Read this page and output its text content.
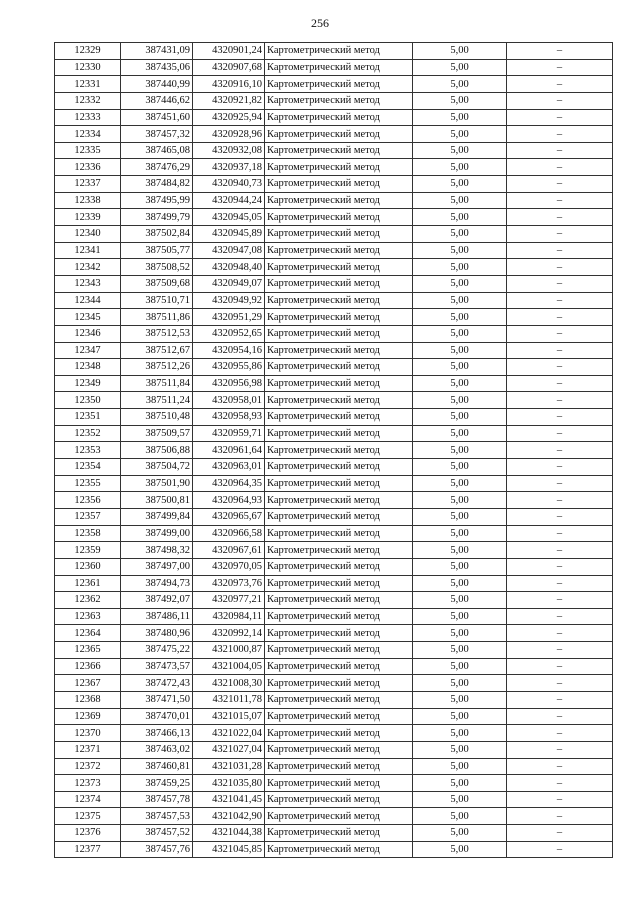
256
12329	387431,09	4320901,24	Картометрический метод	5,00	–
12330	387435,06	4320907,68	Картометрический метод	5,00	–
12331	387440,99	4320916,10	Картометрический метод	5,00	–
12332	387446,62	4320921,82	Картометрический метод	5,00	–
12333	387451,60	4320925,94	Картометрический метод	5,00	–
12334	387457,32	4320928,96	Картометрический метод	5,00	–
12335	387465,08	4320932,08	Картометрический метод	5,00	–
12336	387476,29	4320937,18	Картометрический метод	5,00	–
12337	387484,82	4320940,73	Картометрический метод	5,00	–
12338	387495,99	4320944,24	Картометрический метод	5,00	–
12339	387499,79	4320945,05	Картометрический метод	5,00	–
12340	387502,84	4320945,89	Картометрический метод	5,00	–
12341	387505,77	4320947,08	Картометрический метод	5,00	–
12342	387508,52	4320948,40	Картометрический метод	5,00	–
12343	387509,68	4320949,07	Картометрический метод	5,00	–
12344	387510,71	4320949,92	Картометрический метод	5,00	–
12345	387511,86	4320951,29	Картометрический метод	5,00	–
12346	387512,53	4320952,65	Картометрический метод	5,00	–
12347	387512,67	4320954,16	Картометрический метод	5,00	–
12348	387512,26	4320955,86	Картометрический метод	5,00	–
12349	387511,84	4320956,98	Картометрический метод	5,00	–
12350	387511,24	4320958,01	Картометрический метод	5,00	–
12351	387510,48	4320958,93	Картометрический метод	5,00	–
12352	387509,57	4320959,71	Картометрический метод	5,00	–
12353	387506,88	4320961,64	Картометрический метод	5,00	–
12354	387504,72	4320963,01	Картометрический метод	5,00	–
12355	387501,90	4320964,35	Картометрический метод	5,00	–
12356	387500,81	4320964,93	Картометрический метод	5,00	–
12357	387499,84	4320965,67	Картометрический метод	5,00	–
12358	387499,00	4320966,58	Картометрический метод	5,00	–
12359	387498,32	4320967,61	Картометрический метод	5,00	–
12360	387497,00	4320970,05	Картометрический метод	5,00	–
12361	387494,73	4320973,76	Картометрический метод	5,00	–
12362	387492,07	4320977,21	Картометрический метод	5,00	–
12363	387486,11	4320984,11	Картометрический метод	5,00	–
12364	387480,96	4320992,14	Картометрический метод	5,00	–
12365	387475,22	4321000,87	Картометрический метод	5,00	–
12366	387473,57	4321004,05	Картометрический метод	5,00	–
12367	387472,43	4321008,30	Картометрический метод	5,00	–
12368	387471,50	4321011,78	Картометрический метод	5,00	–
12369	387470,01	4321015,07	Картометрический метод	5,00	–
12370	387466,13	4321022,04	Картометрический метод	5,00	–
12371	387463,02	4321027,04	Картометрический метод	5,00	–
12372	387460,81	4321031,28	Картометрический метод	5,00	–
12373	387459,25	4321035,80	Картометрический метод	5,00	–
12374	387457,78	4321041,45	Картометрический метод	5,00	–
12375	387457,53	4321042,90	Картометрический метод	5,00	–
12376	387457,52	4321044,38	Картометрический метод	5,00	–
12377	387457,76	4321045,85	Картометрический метод	5,00	–
